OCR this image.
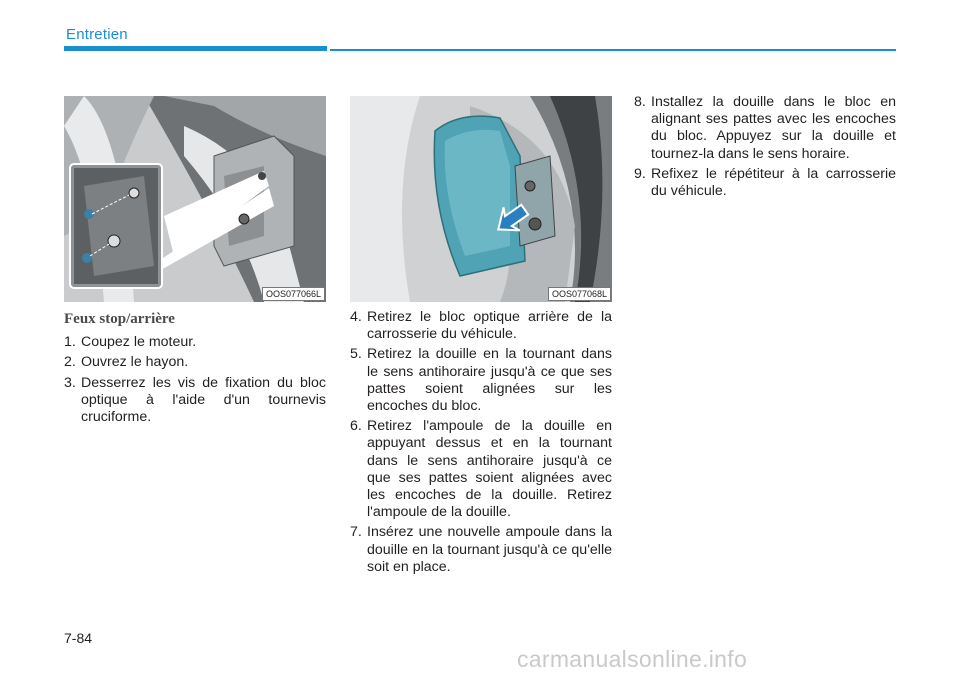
Entretien
OOS077066L	OOS077068L
Feux stop/arrière
1. Coupez le moteur.
2. Ouvrez le hayon.
3. Desserrez les vis de fixation du bloc optique à l'aide d'un tournevis cruciforme.
4. Retirez le bloc optique arrière de la carrosserie du véhicule.
5. Retirez la douille en la tournant dans le sens antihoraire jusqu'à ce que ses pattes soient alignées sur les encoches du bloc.
6. Retirez l'ampoule de la douille en appuyant dessus et en la tournant dans le sens antihoraire jusqu'à ce que ses pattes soient alignées avec les encoches de la douille. Retirez l'ampoule de la douille.
7. Insérez une nouvelle ampoule dans la douille en la tournant jusqu'à ce qu'elle soit en place.
8. Installez la douille dans le bloc en alignant ses pattes avec les encoches du bloc. Appuyez sur la douille et tournez-la dans le sens horaire.
9. Refixez le répétiteur à la carrosserie du véhicule.
7-84
carmanualsonline.info
